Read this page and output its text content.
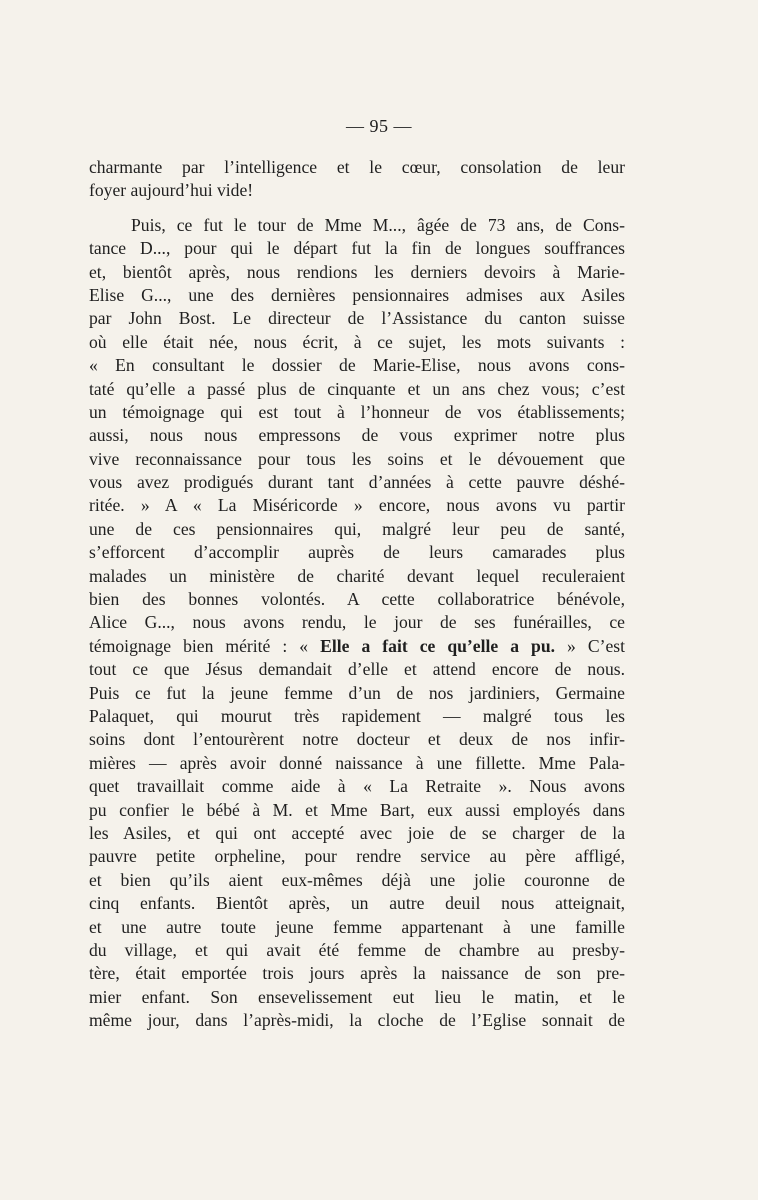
— 95 —
charmante par l’intelligence et le cœur, consolation de leur
foyer aujourd’hui vide!
Puis, ce fut le tour de Mme M..., âgée de 73 ans, de Cons-
tance D..., pour qui le départ fut la fin de longues souffrances
et, bientôt après, nous rendions les derniers devoirs à Marie-
Elise G..., une des dernières pensionnaires admises aux Asiles
par John Bost. Le directeur de l’Assistance du canton suisse
où elle était née, nous écrit, à ce sujet, les mots suivants :
« En consultant le dossier de Marie-Elise, nous avons cons-
taté qu’elle a passé plus de cinquante et un ans chez vous; c’est
un témoignage qui est tout à l’honneur de vos établissements;
aussi, nous nous empressons de vous exprimer notre plus
vive reconnaissance pour tous les soins et le dévouement que
vous avez prodigués durant tant d’années à cette pauvre déshé-
ritée. » A « La Miséricorde » encore, nous avons vu partir
une de ces pensionnaires qui, malgré leur peu de santé,
s’efforcent d’accomplir auprès de leurs camarades plus
malades un ministère de charité devant lequel reculeraient
bien des bonnes volontés. A cette collaboratrice bénévole,
Alice G..., nous avons rendu, le jour de ses funérailles, ce
témoignage bien mérité : « Elle a fait ce qu’elle a pu. » C’est
tout ce que Jésus demandait d’elle et attend encore de nous.
Puis ce fut la jeune femme d’un de nos jardiniers, Germaine
Palaquet, qui mourut très rapidement — malgré tous les
soins dont l’entourèrent notre docteur et deux de nos infir-
mières — après avoir donné naissance à une fillette. Mme Pala-
quet travaillait comme aide à « La Retraite ». Nous avons
pu confier le bébé à M. et Mme Bart, eux aussi employés dans
les Asiles, et qui ont accepté avec joie de se charger de la
pauvre petite orpheline, pour rendre service au père affligé,
et bien qu’ils aient eux-mêmes déjà une jolie couronne de
cinq enfants. Bientôt après, un autre deuil nous atteignait,
et une autre toute jeune femme appartenant à une famille
du village, et qui avait été femme de chambre au presby-
tère, était emportée trois jours après la naissance de son pre-
mier enfant. Son ensevelissement eut lieu le matin, et le
même jour, dans l’après-midi, la cloche de l’Eglise sonnait de
